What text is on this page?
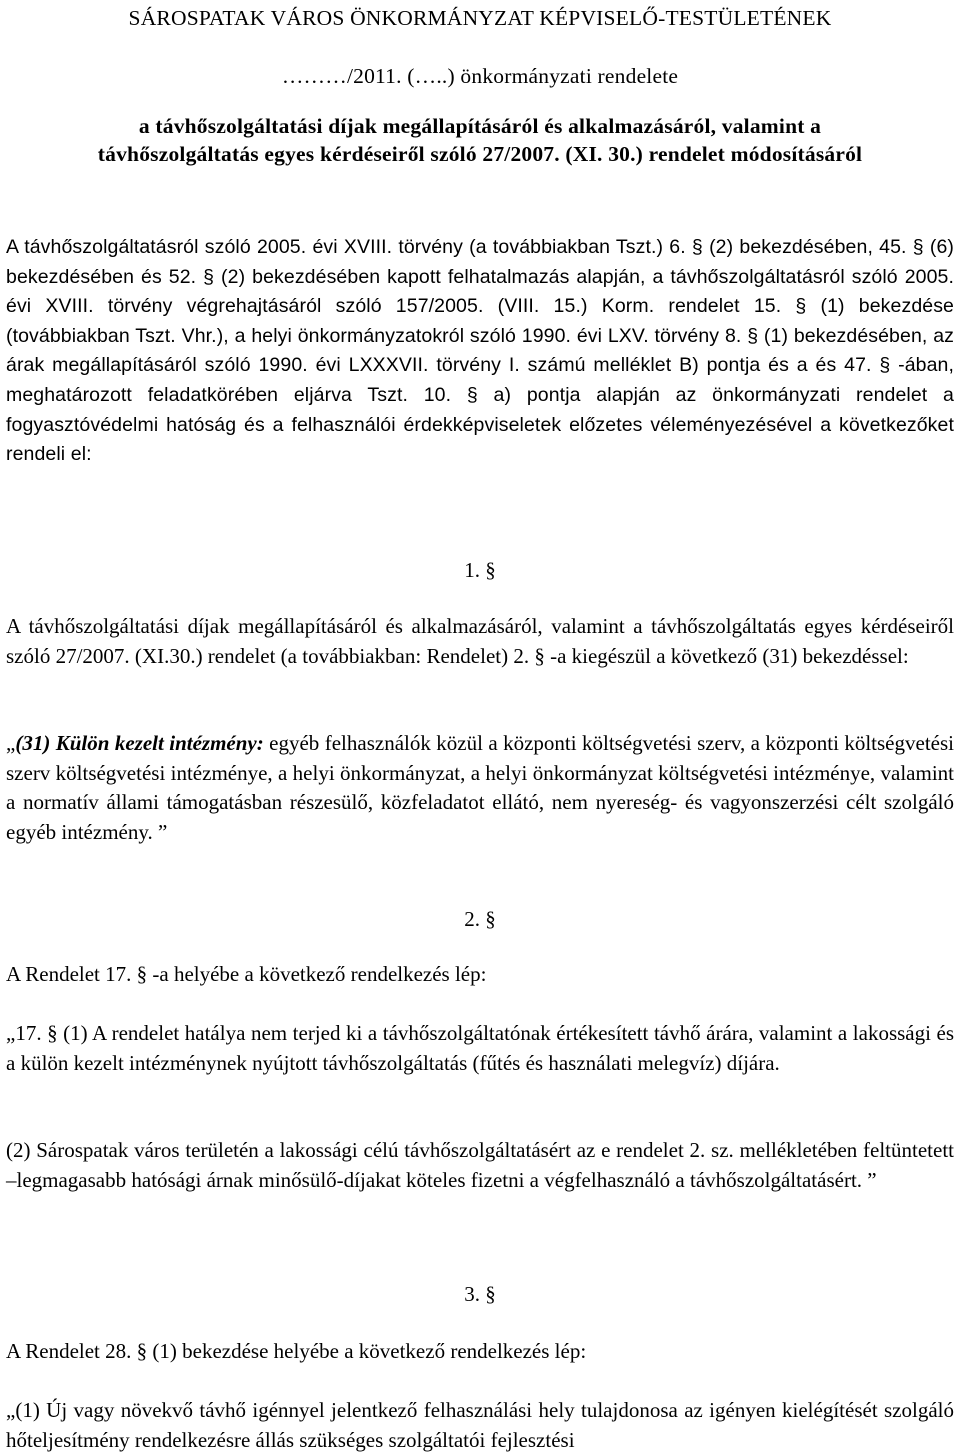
SÁROSPATAK VÁROS ÖNKORMÁNYZAT KÉPVISELŐ-TESTÜLETÉNEK
………/2011. (…..) önkormányzati rendelete
a távhőszolgáltatási díjak megállapításáról és alkalmazásáról, valamint a
távhőszolgáltatás egyes kérdéseiről szóló 27/2007. (XI. 30.) rendelet módosításáról
A távhőszolgáltatásról szóló 2005. évi XVIII. törvény (a továbbiakban Tszt.) 6. § (2) bekezdésében, 45. § (6) bekezdésében és 52. § (2) bekezdésében kapott felhatalmazás alapján, a távhőszolgáltatásról szóló 2005. évi XVIII. törvény végrehajtásáról szóló 157/2005. (VIII. 15.) Korm. rendelet 15. § (1) bekezdése (továbbiakban Tszt. Vhr.), a helyi önkormányzatokról szóló 1990. évi LXV. törvény 8. § (1) bekezdésében, az árak megállapításáról szóló 1990. évi LXXXVII. törvény I. számú melléklet B) pontja és a és 47. § -ában, meghatározott feladatkörében eljárva Tszt. 10. § a) pontja alapján az önkormányzati rendelet a fogyasztóvédelmi hatóság és a felhasználói érdekképviseletek előzetes véleményezésével a következőket rendeli el:
1. §
A távhőszolgáltatási díjak megállapításáról és alkalmazásáról, valamint a távhőszolgáltatás egyes kérdéseiről szóló 27/2007. (XI.30.) rendelet (a továbbiakban: Rendelet) 2. § -a kiegészül a következő (31) bekezdéssel:
„(31) Külön kezelt intézmény: egyéb felhasználók közül a központi költségvetési szerv, a központi költségvetési szerv költségvetési intézménye, a helyi önkormányzat, a helyi önkormányzat költségvetési intézménye, valamint a normatív állami támogatásban részesülő, közfeladatot ellátó, nem nyereség- és vagyonszerzési célt szolgáló egyéb intézmény. ”
2. §
A Rendelet 17. § -a helyébe a következő rendelkezés lép:
„17. § (1) A rendelet hatálya nem terjed ki a távhőszolgáltatónak értékesített távhő árára, valamint a lakossági és a külön kezelt intézménynek nyújtott távhőszolgáltatás (fűtés és használati melegvíz) díjára.
(2) Sárospatak város területén a lakossági célú távhőszolgáltatásért az e rendelet 2. sz. mellékletében feltüntetett –legmagasabb hatósági árnak minősülő-díjakat köteles fizetni a végfelhasználó a távhőszolgáltatásért. ”
3. §
A Rendelet 28. § (1) bekezdése helyébe a következő rendelkezés lép:
„(1) Új vagy növekvő távhő igénnyel jelentkező felhasználási hely tulajdonosa az igényen kielégítését szolgáló hőteljesítmény rendelkezésre állás szükséges szolgáltatói fejlesztési
